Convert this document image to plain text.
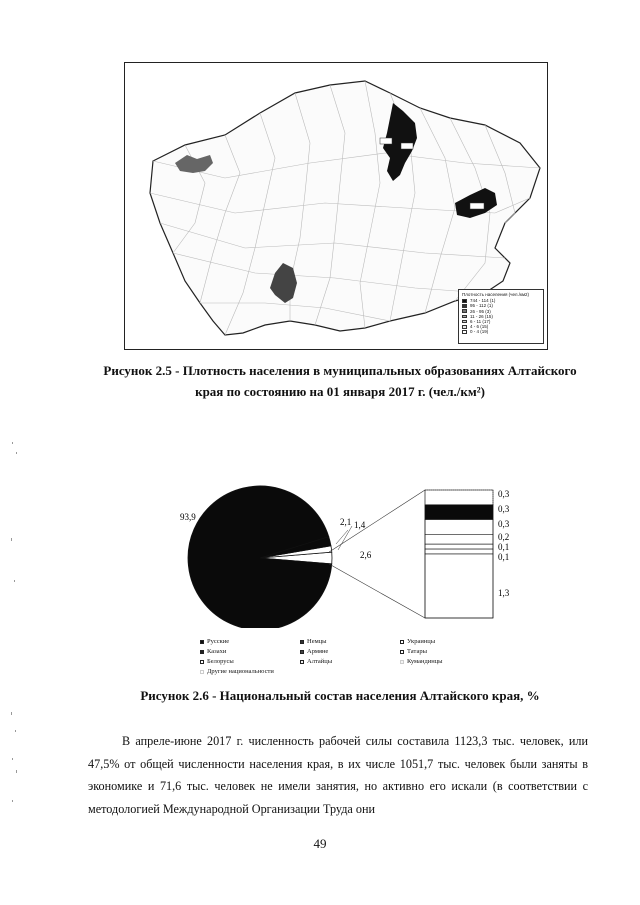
Плотность населения (чел./км2)
744 - 114 (1)
95 - 112 (1)
26 - 95 (3)
11 - 26 (15)
6 - 11 (17)
4 - 6 (15)
0 - 4 (19)
Рисунок 2.5 - Плотность населения в муниципальных образованиях Алтайского края по состоянию на 01 января 2017 г. (чел./км²)
0,3
0,3
0,3
0,2
0,1
0,1
1,3
93,9	2,1 1,4
2,6
Русские	Немцы	Украинцы
Казахи	Армяне	Татары
Белорусы	Алтайцы	Кумандинцы
Другие национальности
Рисунок 2.6 - Национальный состав населения Алтайского края, %

В апреле-июне 2017 г. численность рабочей силы составила 1123,3 тыс. человек, или 47,5% от общей численности населения края, в их числе 1051,7 тыс. человек были заняты в экономике и 71,6 тыс. человек не имели занятия, но активно его искали (в соответствии с методологией Международной Организации Труда они

49
